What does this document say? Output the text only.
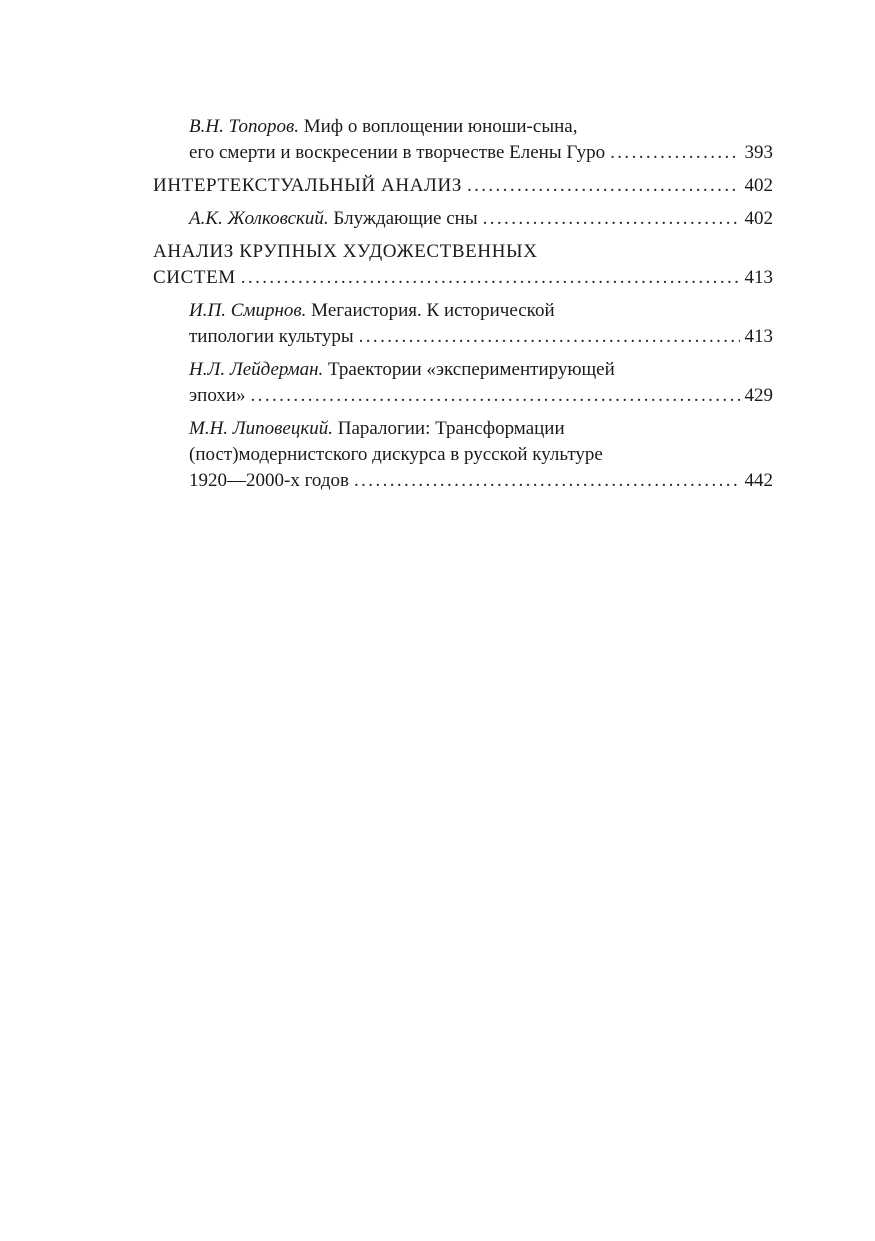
В.Н. Топоров. Миф о воплощении юноши-сына,
его смерти и воскресении в творчестве Елены Гуро .....	393
ИНТЕРТЕКСТУАЛЬНЫЙ АНАЛИЗ .....	402
А.К. Жолковский. Блуждающие сны .....	402
АНАЛИЗ КРУПНЫХ ХУДОЖЕСТВЕННЫХ
СИСТЕМ .....	413
И.П. Смирнов. Мегаистория. К исторической
типологии культуры .....	413
Н.Л. Лейдерман. Траектории «экспериментирующей
эпохи» .....	429
М.Н. Липовецкий. Паралогии: Трансформации
(пост)модернистского дискурса в русской культуре
1920—2000-х годов .....	442
